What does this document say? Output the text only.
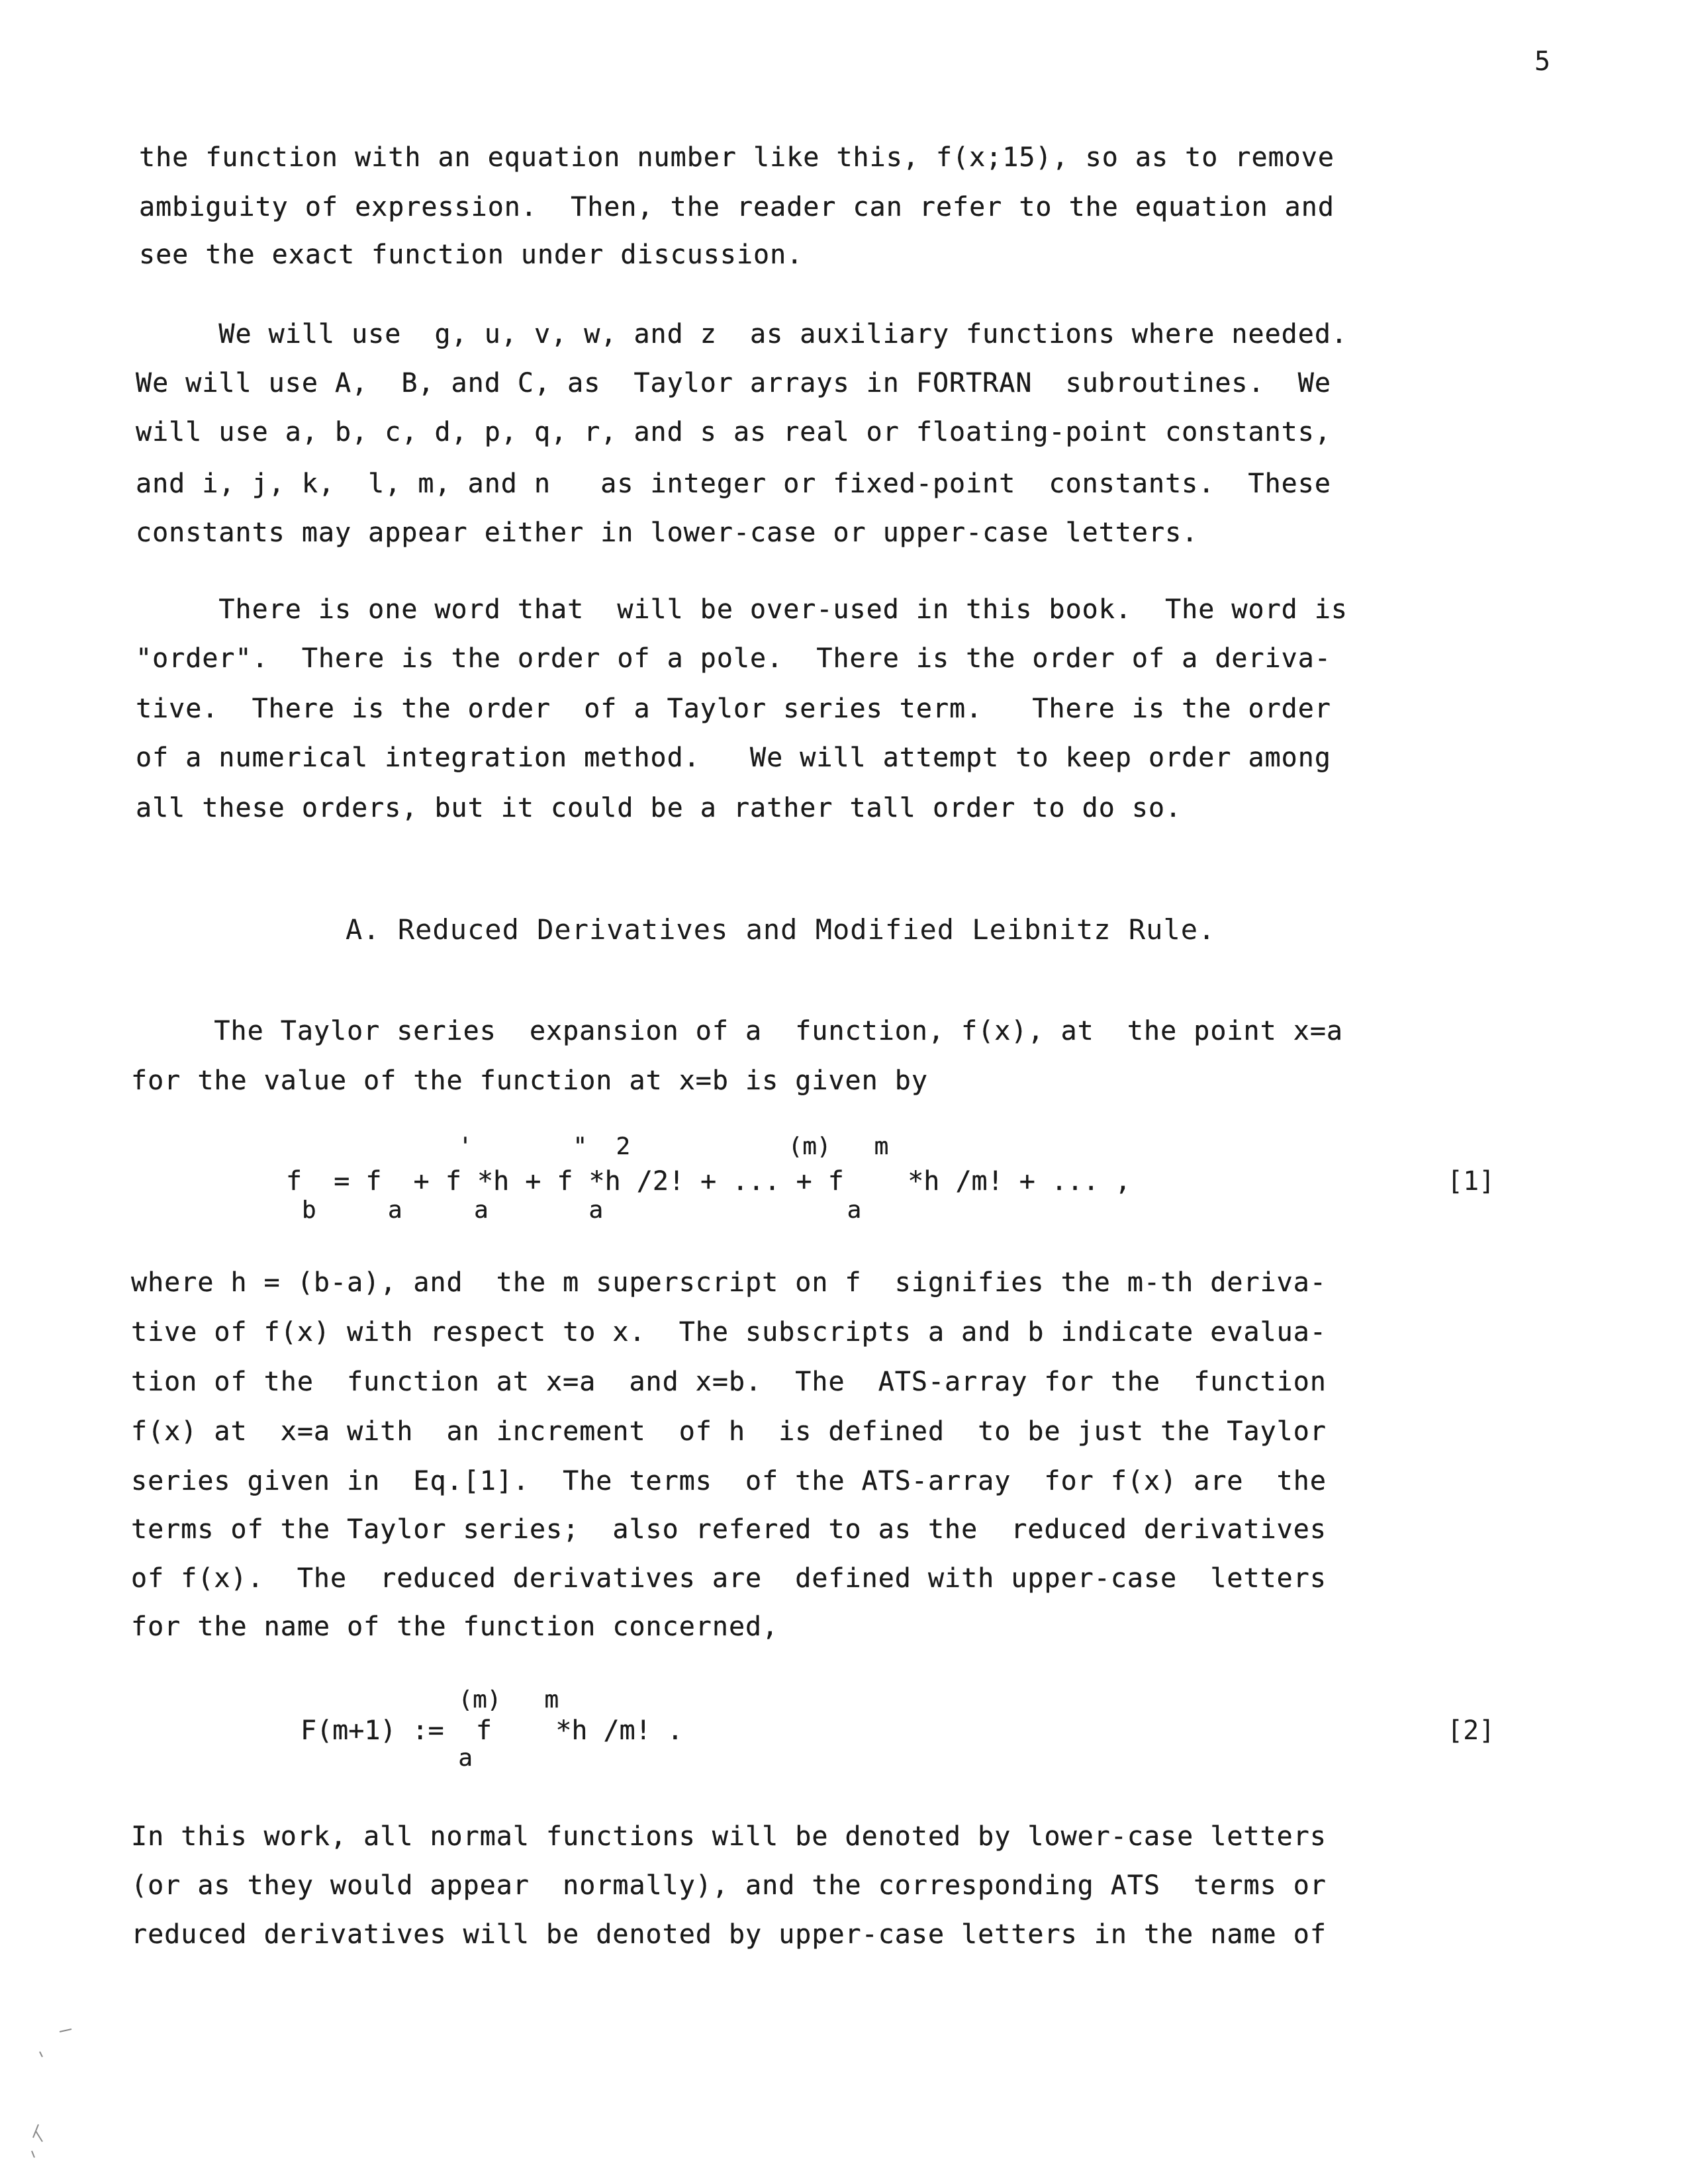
5
the function with an equation number like this, f(x;15), so as to remove
ambiguity of expression.  Then, the reader can refer to the equation and
see the exact function under discussion.
We will use  g, u, v, w, and z  as auxiliary functions where needed.
We will use A,  B, and C, as  Taylor arrays in FORTRAN  subroutines.  We
will use a, b, c, d, p, q, r, and s as real or floating-point constants,
and i, j, k,  l, m, and n   as integer or fixed-point  constants.  These
constants may appear either in lower-case or upper-case letters.
There is one word that  will be over-used in this book.  The word is
"order".  There is the order of a pole.  There is the order of a deriva-
tive.  There is the order  of a Taylor series term.   There is the order
of a numerical integration method.   We will attempt to keep order among
all these orders, but it could be a rather tall order to do so.
A. Reduced Derivatives and Modified Leibnitz Rule.
The Taylor series  expansion of a  function, f(x), at  the point x=a
for the value of the function at x=b is given by
'       "  2           (m)   m
f  = f  + f *h + f *h /2! + ... + f    *h /m! + ... ,
b     a     a       a                 a
[1]
where h = (b-a), and  the m superscript on f  signifies the m-th deriva-
tive of f(x) with respect to x.  The subscripts a and b indicate evalua-
tion of the  function at x=a  and x=b.  The  ATS-array for the  function
f(x) at  x=a with  an increment  of h  is defined  to be just the Taylor
series given in  Eq.[1].  The terms  of the ATS-array  for f(x) are  the
terms of the Taylor series;  also refered to as the  reduced derivatives
of f(x).  The  reduced derivatives are  defined with upper-case  letters
for the name of the function concerned,
(m)   m
F(m+1) :=  f    *h /m! .
a
[2]
In this work, all normal functions will be denoted by lower-case letters
(or as they would appear  normally), and the corresponding ATS  terms or
reduced derivatives will be denoted by upper-case letters in the name of
